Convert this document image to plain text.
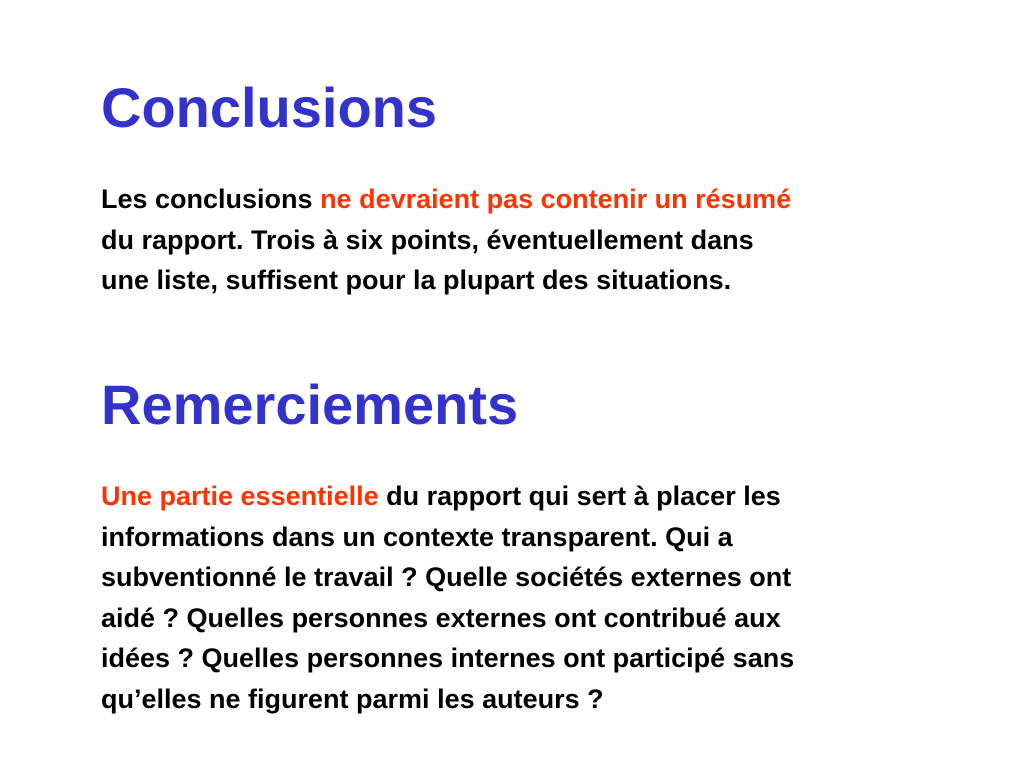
Conclusions

Les conclusions ne devraient pas contenir un résumé
du rapport. Trois à six points, éventuellement dans
une liste, suffisent pour la plupart des situations.

Remerciements

Une partie essentielle du rapport qui sert à placer les
informations dans un contexte transparent. Qui a
subventionné le travail ? Quelle sociétés externes ont
aidé ? Quelles personnes externes ont contribué aux
idées ? Quelles personnes internes ont participé sans
qu’elles ne figurent parmi les auteurs ?
